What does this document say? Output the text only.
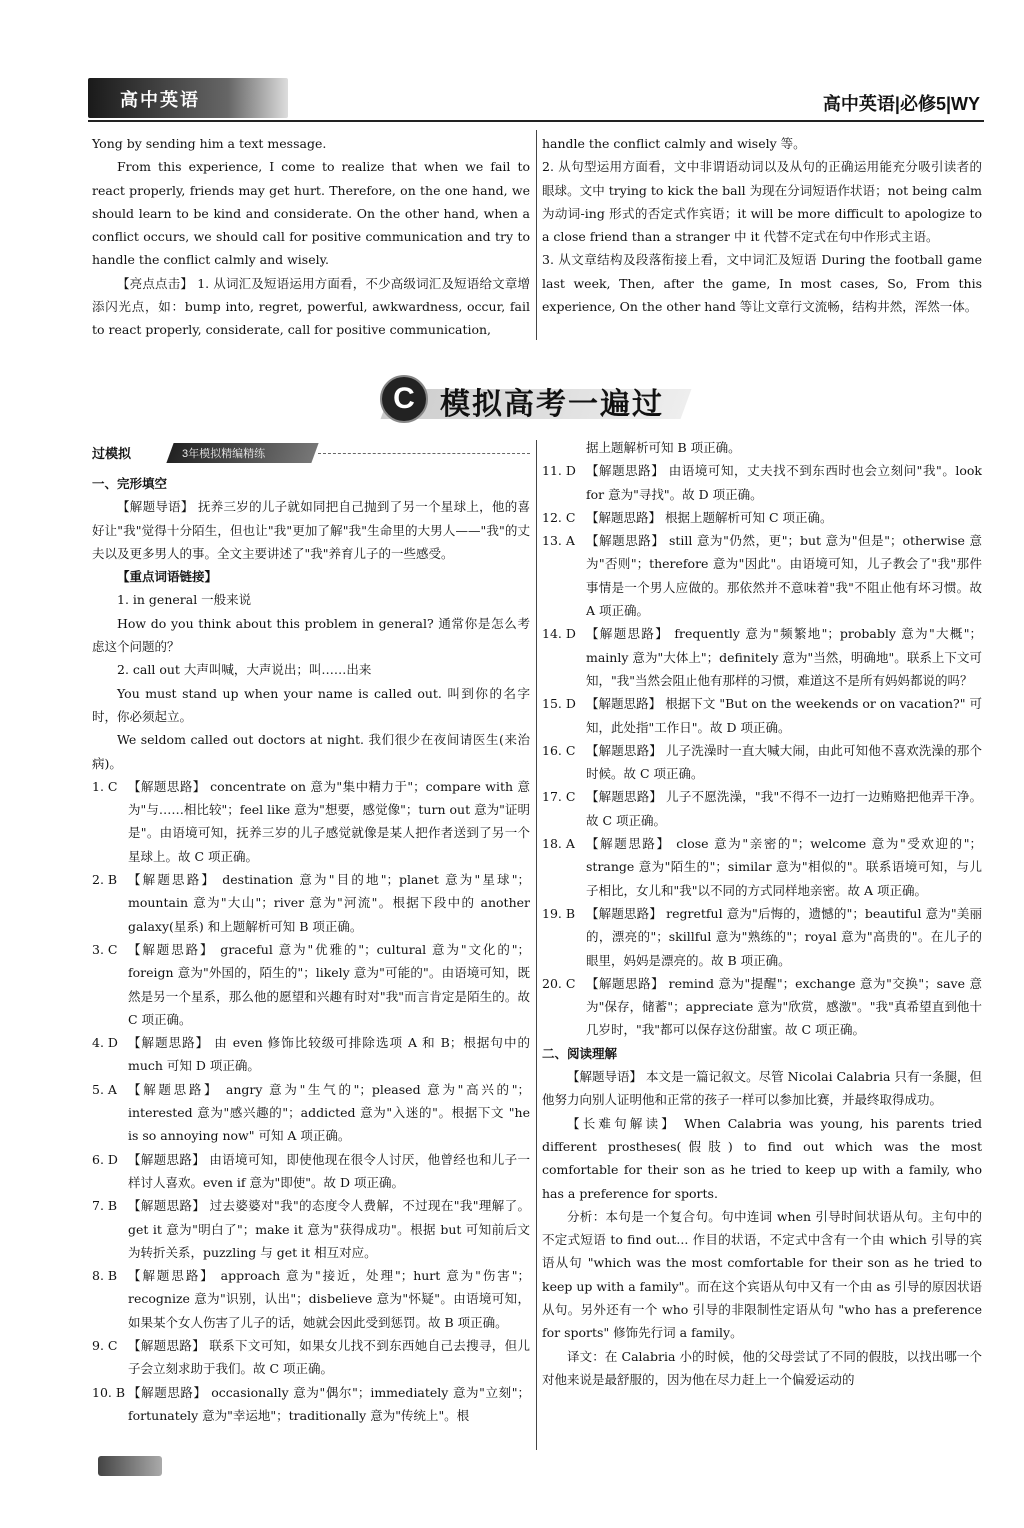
高中英语	高中英语|必修5|WY

Yong by sending him a text message.

From this experience, I come to realize that when we fail to react properly, friends may get hurt. Therefore, on the one hand, we should learn to be kind and considerate. On the other hand, when a conflict occurs, we should call for positive communication and try to handle the conflict calmly and wisely.

【亮点点击】 1. 从词汇及短语运用方面看，不少高级词汇及短语给文章增添闪光点，如：bump into, regret, powerful, awkwardness, occur, fail to react properly, considerate, call for positive communication,

handle the conflict calmly and wisely 等。

2. 从句型运用方面看，文中非谓语动词以及从句的正确运用能充分吸引读者的眼球。文中 trying to kick the ball 为现在分词短语作状语；not being calm 为动词-ing 形式的否定式作宾语；it will be more difficult to apologize to a close friend than a stranger 中 it 代替不定式在句中作形式主语。

3. 从文章结构及段落衔接上看，文中词汇及短语 During the football game last week, Then, after the game, In most cases, So, From this experience, On the other hand 等让文章行文流畅，结构井然，浑然一体。

C 模拟高考一遍过
过模拟	3年模拟精编精练

一、完形填空

【解题导语】 抚养三岁的儿子就如同把自己抛到了另一个星球上，他的喜好让"我"觉得十分陌生，但也让"我"更加了解"我"生命里的大男人——"我"的丈夫以及更多男人的事。全文主要讲述了"我"养育儿子的一些感受。

【重点词语链接】

1. in general 一般来说

How do you think about this problem in general? 通常你是怎么考虑这个问题的？

2. call out 大声叫喊，大声说出；叫……出来

You must stand up when your name is called out. 叫到你的名字时，你必须起立。

We seldom called out doctors at night. 我们很少在夜间请医生(来治病)。

1. C 【解题思路】 concentrate on 意为"集中精力于"；compare with 意为"与……相比较"；feel like 意为"想要，感觉像"；turn out 意为"证明是"。由语境可知，抚养三岁的儿子感觉就像是某人把作者送到了另一个星球上。故 C 项正确。
2. B 【解题思路】 destination 意为"目的地"；planet 意为"星球"；mountain 意为"大山"；river 意为"河流"。根据下段中的 another galaxy(星系) 和上题解析可知 B 项正确。
3. C 【解题思路】 graceful 意为"优雅的"；cultural 意为"文化的"；foreign 意为"外国的，陌生的"；likely 意为"可能的"。由语境可知，既然是另一个星系，那么他的愿望和兴趣有时对"我"而言肯定是陌生的。故 C 项正确。
4. D 【解题思路】 由 even 修饰比较级可排除选项 A 和 B；根据句中的 much 可知 D 项正确。
5. A 【解题思路】 angry 意为"生气的"；pleased 意为"高兴的"；interested 意为"感兴趣的"；addicted 意为"入迷的"。根据下文 "he is so annoying now" 可知 A 项正确。
6. D 【解题思路】 由语境可知，即使他现在很令人讨厌，他曾经也和儿子一样讨人喜欢。even if 意为"即使"。故 D 项正确。
7. B 【解题思路】 过去婆婆对"我"的态度令人费解，不过现在"我"理解了。get it 意为"明白了"；make it 意为"获得成功"。根据 but 可知前后文为转折关系，puzzling 与 get it 相互对应。
8. B 【解题思路】 approach 意为"接近，处理"；hurt 意为"伤害"；recognize 意为"识别，认出"；disbelieve 意为"怀疑"。由语境可知，如果某个女人伤害了儿子的话，她就会因此受到惩罚。故 B 项正确。
9. C 【解题思路】 联系下文可知，如果女儿找不到东西她自己去搜寻，但儿子会立刻求助于我们。故 C 项正确。
10. B 【解题思路】 occasionally 意为"偶尔"；immediately 意为"立刻"；fortunately 意为"幸运地"；traditionally 意为"传统上"。根

据上题解析可知 B 项正确。

11. D 【解题思路】 由语境可知，丈夫找不到东西时也会立刻问"我"。look for 意为"寻找"。故 D 项正确。
12. C 【解题思路】 根据上题解析可知 C 项正确。
13. A 【解题思路】 still 意为"仍然，更"；but 意为"但是"；otherwise 意为"否则"；therefore 意为"因此"。由语境可知，儿子教会了"我"那件事情是一个男人应做的。那依然并不意味着"我"不阻止他有坏习惯。故 A 项正确。
14. D 【解题思路】 frequently 意为"频繁地"；probably 意为"大概"；mainly 意为"大体上"；definitely 意为"当然，明确地"。联系上下文可知，"我"当然会阻止他有那样的习惯，难道这不是所有妈妈都说的吗？
15. D 【解题思路】 根据下文 "But on the weekends or on vacation?" 可知，此处指"工作日"。故 D 项正确。
16. C 【解题思路】 儿子洗澡时一直大喊大闹，由此可知他不喜欢洗澡的那个时候。故 C 项正确。
17. C 【解题思路】 儿子不愿洗澡，"我"不得不一边打一边贿赂把他弄干净。故 C 项正确。
18. A 【解题思路】 close 意为"亲密的"；welcome 意为"受欢迎的"；strange 意为"陌生的"；similar 意为"相似的"。联系语境可知，与儿子相比，女儿和"我"以不同的方式同样地亲密。故 A 项正确。
19. B 【解题思路】 regretful 意为"后悔的，遗憾的"；beautiful 意为"美丽的，漂亮的"；skillful 意为"熟练的"；royal 意为"高贵的"。在儿子的眼里，妈妈是漂亮的。故 B 项正确。
20. C 【解题思路】 remind 意为"提醒"；exchange 意为"交换"；save 意为"保存，储蓄"；appreciate 意为"欣赏，感激"。"我"真希望直到他十几岁时，"我"都可以保存这份甜蜜。故 C 项正确。

二、阅读理解

【解题导语】 本文是一篇记叙文。尽管 Nicolai Calabria 只有一条腿，但他努力向别人证明他和正常的孩子一样可以参加比赛，并最终取得成功。

【长难句解读】 When Calabria was young, his parents tried different prostheses(假肢) to find out which was the most comfortable for their son as he tried to keep up with a family, who has a preference for sports.

分析：本句是一个复合句。句中连词 when 引导时间状语从句。主句中的不定式短语 to find out... 作目的状语，不定式中含有一个由 which 引导的宾语从句 "which was the most comfortable for their son as he tried to keep up with a family"。而在这个宾语从句中又有一个由 as 引导的原因状语从句。另外还有一个 who 引导的非限制性定语从句 "who has a preference for sports" 修饰先行词 a family。

译文：在 Calabria 小的时候，他的父母尝试了不同的假肢，以找出哪一个对他来说是最舒服的，因为他在尽力赶上一个偏爱运动的
